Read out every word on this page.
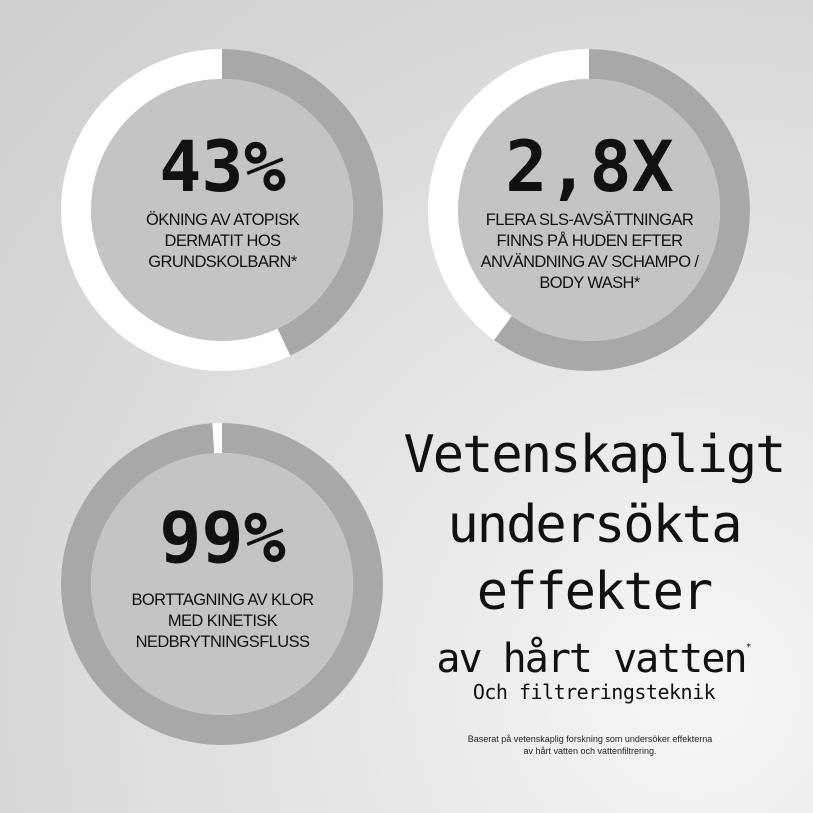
43%
ÖKNING AV ATOPISK
DERMATIT HOS
GRUNDSKOLBARN*
2,8X
FLERA SLS-AVSÄTTNINGAR
FINNS PÅ HUDEN EFTER
ANVÄNDNING AV SCHAMPO /
BODY WASH*
99%
BORTTAGNING AV KLOR
MED KINETISK
NEDBRYTNINGSFLUSS
Vetenskapligt
undersökta
effekter
av hårt vatten*
Och filtreringsteknik
Baserat på vetenskaplig forskning som undersöker effekterna
av hårt vatten och vattenfiltrering.
